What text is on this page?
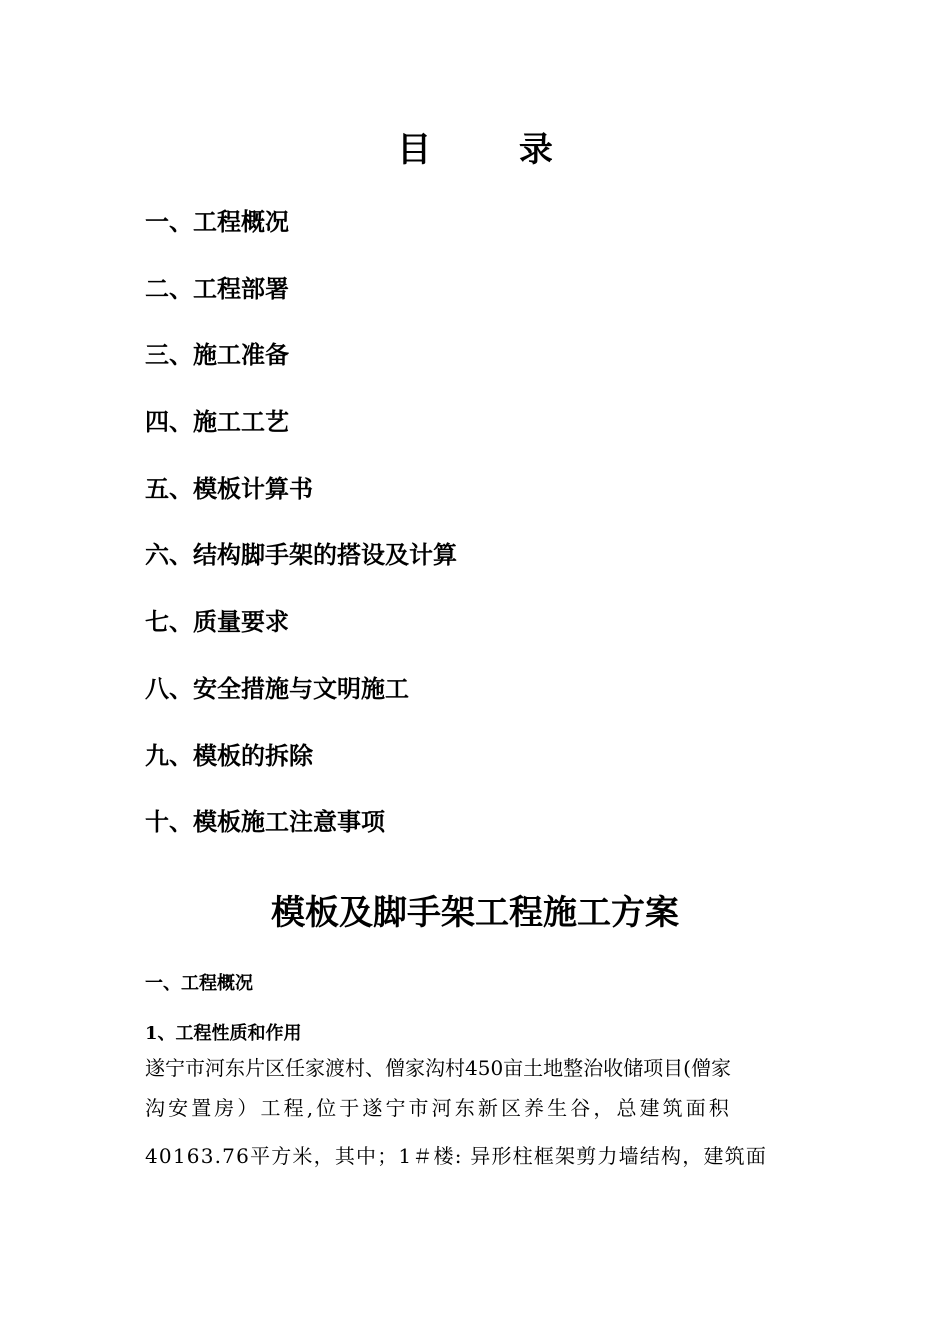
目 录
一、工程概况
二、工程部署
三、施工准备
四、施工工艺
五、模板计算书
六、结构脚手架的搭设及计算
七、质量要求
八、安全措施与文明施工
九、模板的拆除
十、模板施工注意事项
模板及脚手架工程施工方案
一、工程概况
1、工程性质和作用
遂宁市河东片区任家渡村、僧家沟村450亩土地整治收储项目(僧家
沟安置房）工程,位于遂宁市河东新区养生谷，总建筑面积
40163.76平方米，其中；1＃楼: 异形柱框架剪力墙结构，建筑面
